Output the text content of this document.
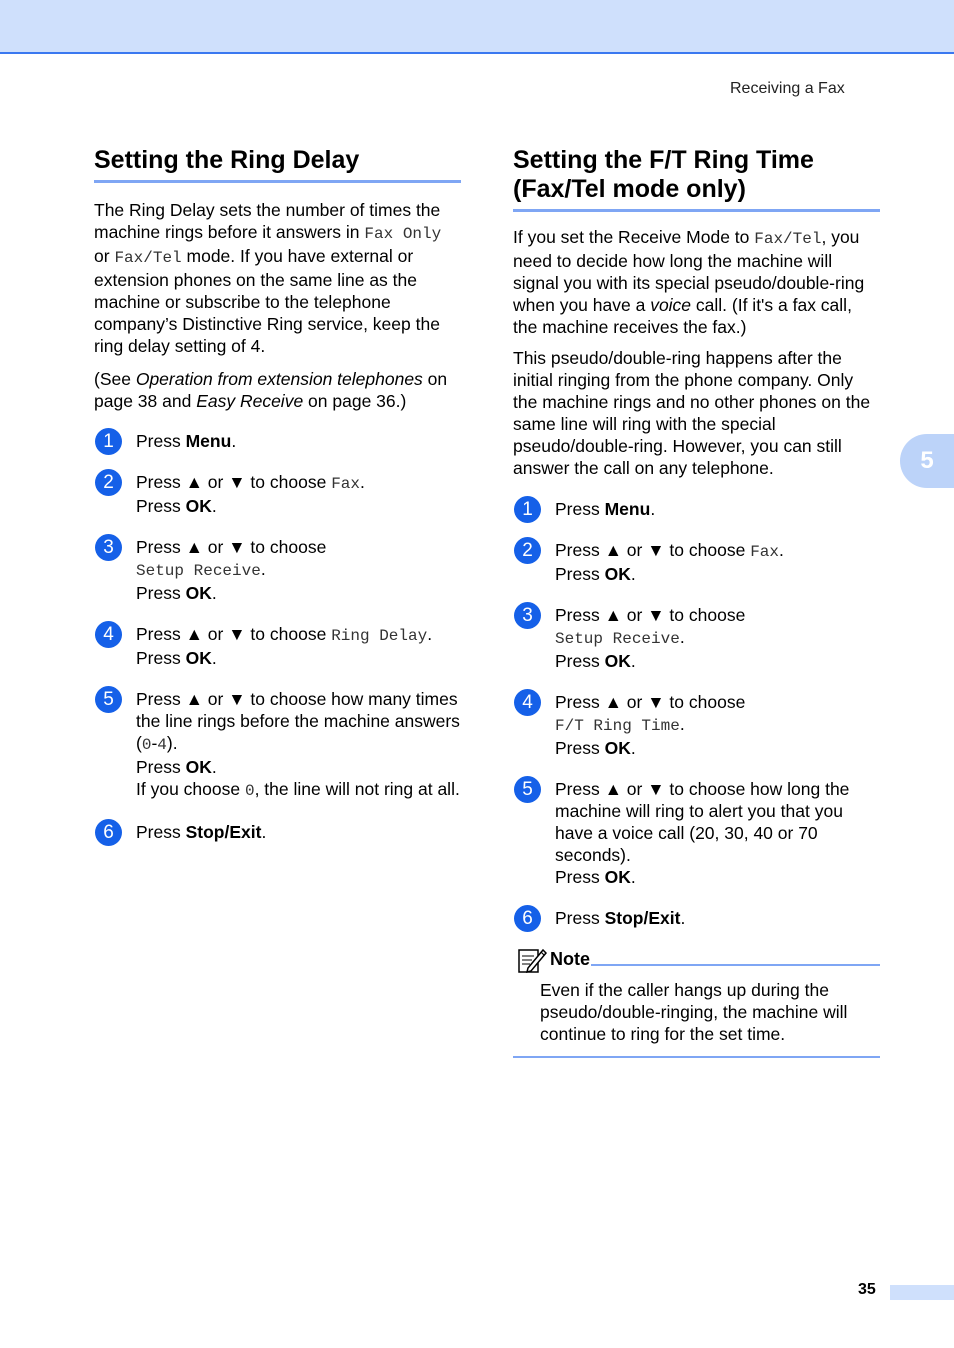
Receiving a Fax
5
Setting the Ring Delay

The Ring Delay sets the number of times the machine rings before it answers in Fax Only or Fax/Tel mode. If you have external or extension phones on the same line as the machine or subscribe to the telephone company’s Distinctive Ring service, keep the ring delay setting of 4.

(See Operation from extension telephones on page 38 and Easy Receive on page 36.)

1	Press Menu.
2	Press ▲ or ▼ to choose Fax.
Press OK.
3	Press ▲ or ▼ to choose
Setup Receive.
Press OK.
4	Press ▲ or ▼ to choose Ring Delay.
Press OK.
5	Press ▲ or ▼ to choose how many times the line rings before the machine answers (0-4).
Press OK.
If you choose 0, the line will not ring at all.
6	Press Stop/Exit.
Setting the F/T Ring Time
(Fax/Tel mode only)

If you set the Receive Mode to Fax/Tel, you need to decide how long the machine will signal you with its special pseudo/double-ring when you have a voice call. (If it's a fax call, the machine receives the fax.)

This pseudo/double-ring happens after the initial ringing from the phone company. Only the machine rings and no other phones on the same line will ring with the special pseudo/double-ring. However, you can still answer the call on any telephone.

1	Press Menu.
2	Press ▲ or ▼ to choose Fax.
Press OK.
3	Press ▲ or ▼ to choose
Setup Receive.
Press OK.
4	Press ▲ or ▼ to choose
F/T Ring Time.
Press OK.
5	Press ▲ or ▼ to choose how long the machine will ring to alert you that you have a voice call (20, 30, 40 or 70 seconds).
Press OK.
6	Press Stop/Exit.
Note
Even if the caller hangs up during the pseudo/double-ringing, the machine will continue to ring for the set time.
35
